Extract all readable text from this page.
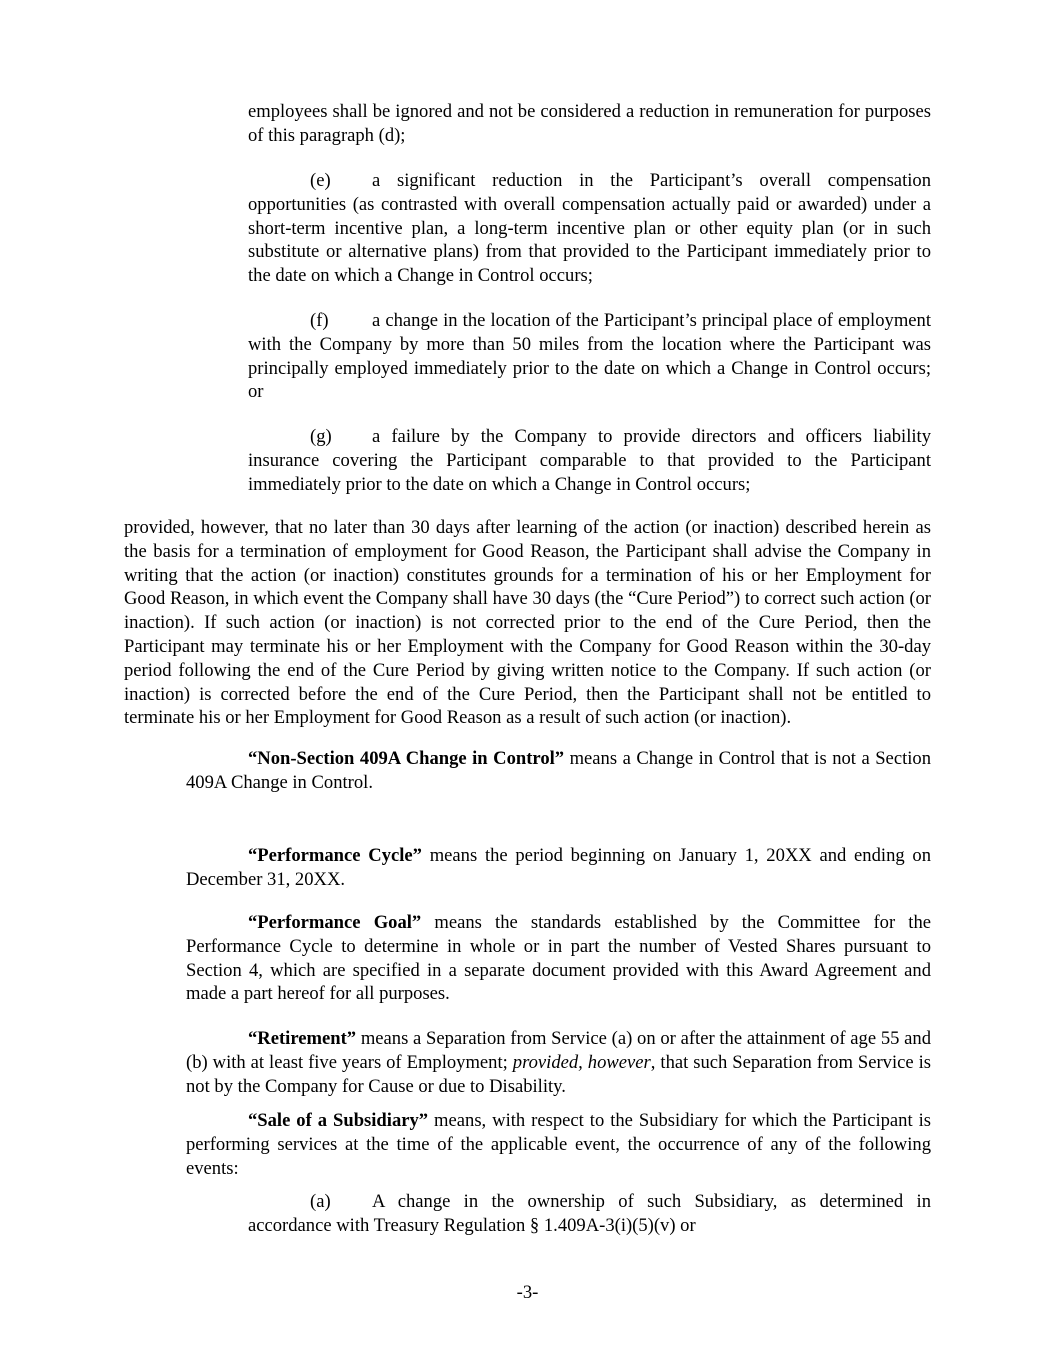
employees shall be ignored and not be considered a reduction in remuneration for purposes of this paragraph (d);

(e) a significant reduction in the Participant’s overall compensation opportunities (as contrasted with overall compensation actually paid or awarded) under a short-term incentive plan, a long-term incentive plan or other equity plan (or in such substitute or alternative plans) from that provided to the Participant immediately prior to the date on which a Change in Control occurs;

(f) a change in the location of the Participant’s principal place of employment with the Company by more than 50 miles from the location where the Participant was principally employed immediately prior to the date on which a Change in Control occurs; or

(g) a failure by the Company to provide directors and officers liability insurance covering the Participant comparable to that provided to the Participant immediately prior to the date on which a Change in Control occurs;

provided, however, that no later than 30 days after learning of the action (or inaction) described herein as the basis for a termination of employment for Good Reason, the Participant shall advise the Company in writing that the action (or inaction) constitutes grounds for a termination of his or her Employment for Good Reason, in which event the Company shall have 30 days (the “Cure Period”) to correct such action (or inaction). If such action (or inaction) is not corrected prior to the end of the Cure Period, then the Participant may terminate his or her Employment with the Company for Good Reason within the 30-day period following the end of the Cure Period by giving written notice to the Company. If such action (or inaction) is corrected before the end of the Cure Period, then the Participant shall not be entitled to terminate his or her Employment for Good Reason as a result of such action (or inaction).

“Non-Section 409A Change in Control” means a Change in Control that is not a Section 409A Change in Control.

“Performance Cycle” means the period beginning on January 1, 20XX and ending on December 31, 20XX.

“Performance Goal” means the standards established by the Committee for the Performance Cycle to determine in whole or in part the number of Vested Shares pursuant to Section 4, which are specified in a separate document provided with this Award Agreement and made a part hereof for all purposes.

“Retirement” means a Separation from Service (a) on or after the attainment of age 55 and (b) with at least five years of Employment; provided, however, that such Separation from Service is not by the Company for Cause or due to Disability.

“Sale of a Subsidiary” means, with respect to the Subsidiary for which the Participant is performing services at the time of the applicable event, the occurrence of any of the following events:

(a) A change in the ownership of such Subsidiary, as determined in accordance with Treasury Regulation § 1.409A-3(i)(5)(v) or

-3-
